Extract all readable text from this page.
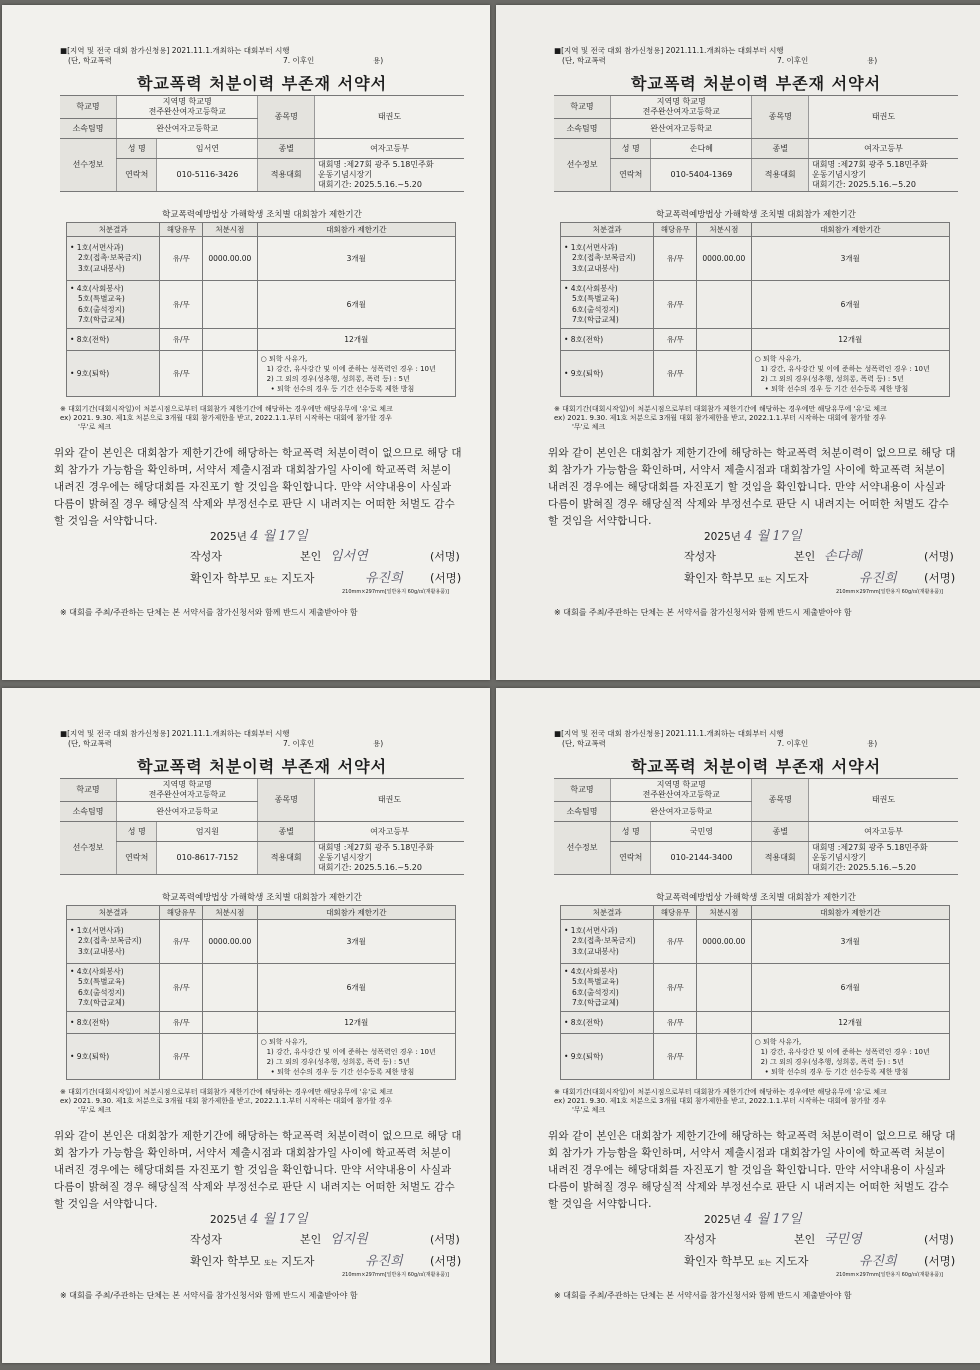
■[지역 및 전국 대회 참가신청용] 2021.11.1.개최하는 대회부터 시행
(단, 학교폭력	7. 이후인	용)
학교폭력 처분이력 부존재 서약서
학교명	지역명 학교명
전주완산여자고등학교		종목명	태권도
소속팀명	완산여자고등학교			
선수정보	성 명	임서연	종별	여자고등부
	연락처	010-5116-3426	적용대회	대회명 :제27회 광주 5.18민주화
운동기념시장기
대회기간: 2025.5.16.~5.20
학교폭력예방법상 가해학생 조치별 대회참가 제한기간
처분결과	해당유무	처분시점	대회참가 제한기간

• 1호(서면사과)
2호(접촉·보복금지)
3호(교내봉사)	유/무	0000.00.00	3개월

• 4호(사회봉사)
5호(특별교육)
6호(출석정지)
7호(학급교체)	유/무		6개월
• 8호(전학)	유/무		12개월
• 9호(퇴학)	유/무		○ 퇴학 사유가,
1) 강간, 유사강간 및 이에 준하는 성폭력인 경우 : 10년
2) 그 외의 경우(성추행, 성희롱, 폭력 등) : 5년
• 퇴학 선수의 경우 등 기간 선수등록 제한 방침
※ 대회기간(대회시작일)이 처분시점으로부터 대회참가 제한기간에 해당하는 경우에만 해당유무에 '유'로 체크
ex) 2021. 9.30. 제1호 처분으로 3개월 대회 참가제한을 받고, 2022.1.1.부터 시작하는 대회에 참가할 경우
'무'로 체크
위와 같이 본인은 대회참가 제한기간에 해당하는 학교폭력 처분이력이 없으므로 해당 대회 참가가 가능함을 확인하며, 서약서 제출시점과 대회참가일 사이에 학교폭력 처분이 내려진 경우에는 해당대회를 자진포기 할 것임을 확인합니다. 만약 서약내용이 사실과 다름이 밝혀질 경우 해당실적 삭제와 부정선수로 판단 시 내려지는 어떠한 처벌도 감수할 것임을 서약합니다.
2025년 4 월 17일
작성자	본인 임서연	(서명)
확인자 학부모 또는 지도자	유진희 (서명)
210mm×297mm[일반용지 60g/㎡(재활용품)]
※ 대회를 주최/주관하는 단체는 본 서약서를 참가신청서와 함께 반드시 제출받아야 함
■[지역 및 전국 대회 참가신청용] 2021.11.1.개최하는 대회부터 시행
(단, 학교폭력	7. 이후인	용)
학교폭력 처분이력 부존재 서약서
학교명	지역명 학교명
전주완산여자고등학교		종목명	태권도
소속팀명	완산여자고등학교			
선수정보	성 명	손다혜	종별	여자고등부
	연락처	010-5404-1369	적용대회	대회명 :제27회 광주 5.18민주화
운동기념시장기
대회기간: 2025.5.16.~5.20
학교폭력예방법상 가해학생 조치별 대회참가 제한기간
처분결과	해당유무	처분시점	대회참가 제한기간

• 1호(서면사과)
2호(접촉·보복금지)
3호(교내봉사)	유/무	0000.00.00	3개월

• 4호(사회봉사)
5호(특별교육)
6호(출석정지)
7호(학급교체)	유/무		6개월
• 8호(전학)	유/무		12개월
• 9호(퇴학)	유/무		○ 퇴학 사유가,
1) 강간, 유사강간 및 이에 준하는 성폭력인 경우 : 10년
2) 그 외의 경우(성추행, 성희롱, 폭력 등) : 5년
• 퇴학 선수의 경우 등 기간 선수등록 제한 방침
※ 대회기간(대회시작일)이 처분시점으로부터 대회참가 제한기간에 해당하는 경우에만 해당유무에 '유'로 체크
ex) 2021. 9.30. 제1호 처분으로 3개월 대회 참가제한을 받고, 2022.1.1.부터 시작하는 대회에 참가할 경우
'무'로 체크
위와 같이 본인은 대회참가 제한기간에 해당하는 학교폭력 처분이력이 없으므로 해당 대회 참가가 가능함을 확인하며, 서약서 제출시점과 대회참가일 사이에 학교폭력 처분이 내려진 경우에는 해당대회를 자진포기 할 것임을 확인합니다. 만약 서약내용이 사실과 다름이 밝혀질 경우 해당실적 삭제와 부정선수로 판단 시 내려지는 어떠한 처벌도 감수할 것임을 서약합니다.
2025년 4 월 17일
작성자	본인 손다혜	(서명)
확인자 학부모 또는 지도자	유진희 (서명)
210mm×297mm[일반용지 60g/㎡(재활용품)]
※ 대회를 주최/주관하는 단체는 본 서약서를 참가신청서와 함께 반드시 제출받아야 함
■[지역 및 전국 대회 참가신청용] 2021.11.1.개최하는 대회부터 시행
(단, 학교폭력	7. 이후인	용)
학교폭력 처분이력 부존재 서약서
학교명	지역명 학교명
전주완산여자고등학교		종목명	태권도
소속팀명	완산여자고등학교			
선수정보	성 명	엄지원	종별	여자고등부
	연락처	010-8617-7152	적용대회	대회명 :제27회 광주 5.18민주화
운동기념시장기
대회기간: 2025.5.16.~5.20
학교폭력예방법상 가해학생 조치별 대회참가 제한기간
처분결과	해당유무	처분시점	대회참가 제한기간

• 1호(서면사과)
2호(접촉·보복금지)
3호(교내봉사)	유/무	0000.00.00	3개월

• 4호(사회봉사)
5호(특별교육)
6호(출석정지)
7호(학급교체)	유/무		6개월
• 8호(전학)	유/무		12개월
• 9호(퇴학)	유/무		○ 퇴학 사유가,
1) 강간, 유사강간 및 이에 준하는 성폭력인 경우 : 10년
2) 그 외의 경우(성추행, 성희롱, 폭력 등) : 5년
• 퇴학 선수의 경우 등 기간 선수등록 제한 방침
※ 대회기간(대회시작일)이 처분시점으로부터 대회참가 제한기간에 해당하는 경우에만 해당유무에 '유'로 체크
ex) 2021. 9.30. 제1호 처분으로 3개월 대회 참가제한을 받고, 2022.1.1.부터 시작하는 대회에 참가할 경우
'무'로 체크
위와 같이 본인은 대회참가 제한기간에 해당하는 학교폭력 처분이력이 없으므로 해당 대회 참가가 가능함을 확인하며, 서약서 제출시점과 대회참가일 사이에 학교폭력 처분이 내려진 경우에는 해당대회를 자진포기 할 것임을 확인합니다. 만약 서약내용이 사실과 다름이 밝혀질 경우 해당실적 삭제와 부정선수로 판단 시 내려지는 어떠한 처벌도 감수할 것임을 서약합니다.
2025년 4 월 17일
작성자	본인 엄지원	(서명)
확인자 학부모 또는 지도자	유진희 (서명)
210mm×297mm[일반용지 60g/㎡(재활용품)]
※ 대회를 주최/주관하는 단체는 본 서약서를 참가신청서와 함께 반드시 제출받아야 함
■[지역 및 전국 대회 참가신청용] 2021.11.1.개최하는 대회부터 시행
(단, 학교폭력	7. 이후인	용)
학교폭력 처분이력 부존재 서약서
학교명	지역명 학교명
전주완산여자고등학교		종목명	태권도
소속팀명	완산여자고등학교			
선수정보	성 명	국민영	종별	여자고등부
	연락처	010-2144-3400	적용대회	대회명 :제27회 광주 5.18민주화
운동기념시장기
대회기간: 2025.5.16.~5.20
학교폭력예방법상 가해학생 조치별 대회참가 제한기간
처분결과	해당유무	처분시점	대회참가 제한기간

• 1호(서면사과)
2호(접촉·보복금지)
3호(교내봉사)	유/무	0000.00.00	3개월

• 4호(사회봉사)
5호(특별교육)
6호(출석정지)
7호(학급교체)	유/무		6개월
• 8호(전학)	유/무		12개월
• 9호(퇴학)	유/무		○ 퇴학 사유가,
1) 강간, 유사강간 및 이에 준하는 성폭력인 경우 : 10년
2) 그 외의 경우(성추행, 성희롱, 폭력 등) : 5년
• 퇴학 선수의 경우 등 기간 선수등록 제한 방침
※ 대회기간(대회시작일)이 처분시점으로부터 대회참가 제한기간에 해당하는 경우에만 해당유무에 '유'로 체크
ex) 2021. 9.30. 제1호 처분으로 3개월 대회 참가제한을 받고, 2022.1.1.부터 시작하는 대회에 참가할 경우
'무'로 체크
위와 같이 본인은 대회참가 제한기간에 해당하는 학교폭력 처분이력이 없으므로 해당 대회 참가가 가능함을 확인하며, 서약서 제출시점과 대회참가일 사이에 학교폭력 처분이 내려진 경우에는 해당대회를 자진포기 할 것임을 확인합니다. 만약 서약내용이 사실과 다름이 밝혀질 경우 해당실적 삭제와 부정선수로 판단 시 내려지는 어떠한 처벌도 감수할 것임을 서약합니다.
2025년 4 월 17일
작성자	본인 국민영	(서명)
확인자 학부모 또는 지도자	유진희 (서명)
210mm×297mm[일반용지 60g/㎡(재활용품)]
※ 대회를 주최/주관하는 단체는 본 서약서를 참가신청서와 함께 반드시 제출받아야 함
